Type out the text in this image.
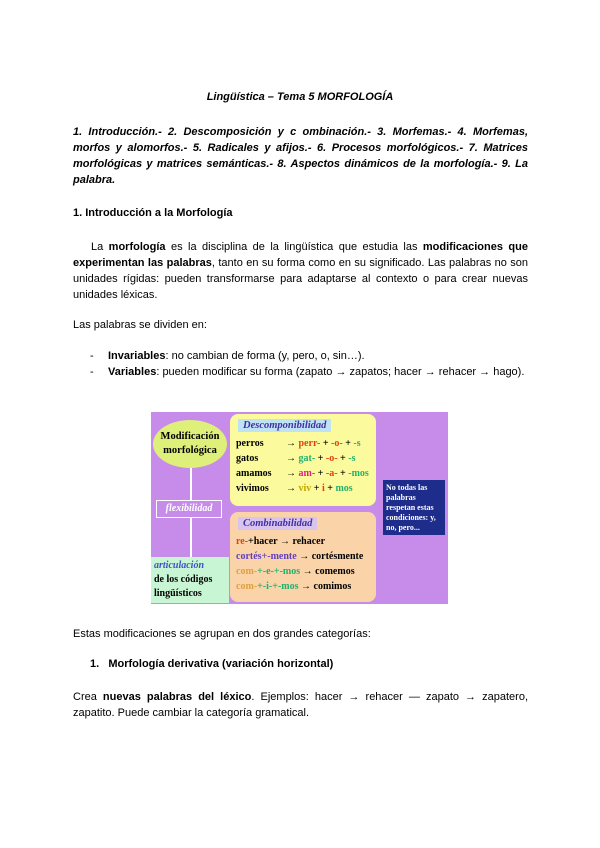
Lingüística – Tema 5 MORFOLOGÍA

1. Introducción.- 2. Descomposición y c ombinación.- 3. Morfemas.- 4. Morfemas, morfos y alomorfos.- 5. Radicales y afijos.- 6. Procesos morfológicos.- 7. Matrices morfológicas y matrices semánticas.- 8. Aspectos dinámicos de la morfología.- 9. La palabra.

1. Introducción a la Morfología

La morfología es la disciplina de la lingüística que estudia las modificaciones que experimentan las palabras, tanto en su forma como en su significado. Las palabras no son unidades rígidas: pueden transformarse para adaptarse al contexto o para crear nuevas unidades léxicas.

Las palabras se dividen en:

- Invariables: no cambian de forma (y, pero, o, sin…).
- Variables: pueden modificar su forma (zapato → zapatos; hacer → rehacer → hago).
Modificación morfológica
flexibilidad
articulación
de los códigos lingüísticos
Descomponibilidad
perros → perr- + -o- + -s
gatos	→ gat- + -o- + -s
amamos → am- + -a- + -mos
vivimos → viv + i + mos
Combinabilidad
re-+hacer → rehacer
cortés+-mente → cortésmente
com-+-e-+-mos → comemos
com-+-i-+-mos → comimos
No todas las palabras respetan estas condiciones: y, no, pero...

Estas modificaciones se agrupan en dos grandes categorías:

1. Morfología derivativa (variación horizontal)

Crea nuevas palabras del léxico. Ejemplos: hacer → rehacer — zapato → zapatero, zapatito. Puede cambiar la categoría gramatical.
